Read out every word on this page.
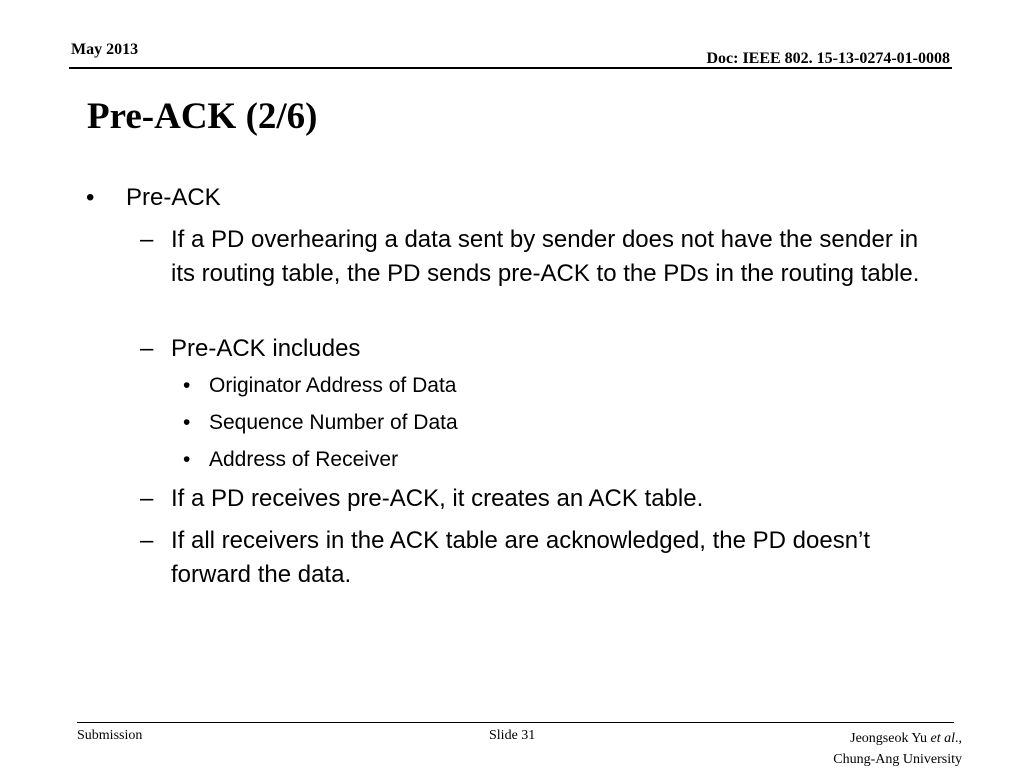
May 2013
Doc: IEEE 802. 15-13-0274-01-0008
Pre-ACK (2/6)
• Pre-ACK
– If a PD overhearing a data sent by sender does not have the sender in its routing table, the PD sends pre-ACK to the PDs in the routing table.
– Pre-ACK includes
• Originator Address of Data
• Sequence Number of Data
• Address of Receiver
– If a PD receives pre-ACK, it creates an ACK table.
– If all receivers in the ACK table are acknowledged, the PD doesn’t forward the data.
Submission	Slide 31	Jeongseok Yu et al.,
Chung-Ang University
